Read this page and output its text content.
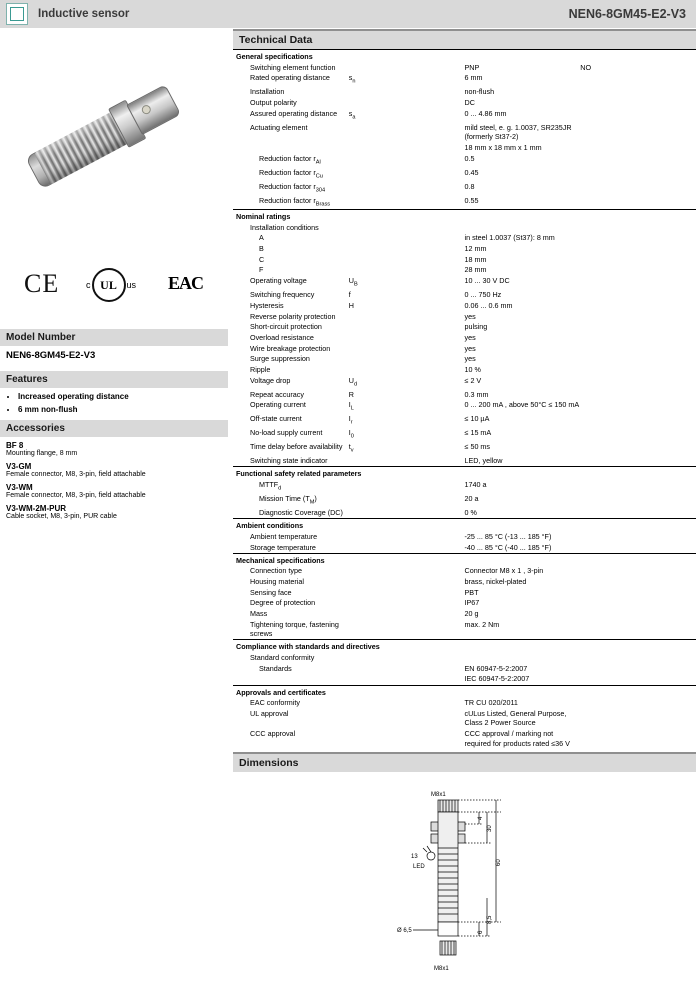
Inductive sensor	NEN6-8GM45-E2-V3
CE	c UL	us EAC
Model Number
NEN6-8GM45-E2-V3
Features
• Increased operating distance
• 6 mm non-flush
Accessories
BF 8
Mounting flange, 8 mm
V3-GM
Female connector, M8, 3-pin, field attachable
V3-WM
Female connector, M8, 3-pin, field attachable
V3-WM-2M-PUR
Cable socket, M8, 3-pin, PUR cable
Technical Data
General specifications			
Switching element function		PNP	NO
Rated operating distance	$s_n$	6 mm	
Installation		non-flush	
Output polarity		DC	
Assured operating distance	$s_a$	0 ... 4.86 mm	
Actuating element		mild steel, e. g. 1.0037, SR235JR (formerly St37-2)	
		18 mm x 18 mm x 1 mm	
Reduction factor $r_{Al}$		0.5	
Reduction factor $r_{Cu}$		0.45	
Reduction factor $r_{304}$		0.8	
Reduction factor $r_{Brass}$		0.55	
Nominal ratings			
Installation conditions			
A		in steel 1.0037 (St37): 8 mm	
B		12 mm	
C		18 mm	
F		28 mm	
Operating voltage	$U_B$	10 ... 30 V DC	
Switching frequency	f	0 ... 750 Hz	
Hysteresis	H	0.06 ... 0.6 mm	
Reverse polarity protection		yes	
Short-circuit protection		pulsing	
Overload resistance		yes	
Wire breakage protection		yes	
Surge suppression		yes	
Ripple		10 %	
Voltage drop	$U_d$	≤ 2 V	
Repeat accuracy	R	0.3 mm	
Operating current	$I_L$	0 ... 200 mA , above 50°C ≤ 150 mA	
Off-state current	$I_r$	≤ 10 µA	
No-load supply current	$I_0$	≤ 15 mA	
Time delay before availability	$t_v$	≤ 50 ms	
Switching state indicator		LED, yellow	
Functional safety related parameters			
$MTTF_d$		1740 a	
Mission Time $(T_M)$		20 a	
Diagnostic Coverage (DC)		0 %	
Ambient conditions			
Ambient temperature		-25 ... 85 °C (-13 ... 185 °F)	
Storage temperature		-40 ... 85 °C (-40 ... 185 °F)	
Mechanical specifications			
Connection type		Connector M8 x 1 , 3-pin	
Housing material		brass, nickel-plated	
Sensing face		PBT	
Degree of protection		IP67	
Mass		20 g	
Tightening torque, fastening screws		max. 2 Nm	
Compliance with standards and directives			
Standard conformity			
Standards		EN 60947-5-2:2007	
		IEC 60947-5-2:2007	
Approvals and certificates			
EAC conformity		TR CU 020/2011	
UL approval		cULus Listed, General Purpose, Class 2 Power Source	
CCC approval		CCC approval / marking not required for products rated ≤36 V	
Dimensions
M8x1
M8x1
Ø 6,5
13
LED
4
30
60
8,5
6
